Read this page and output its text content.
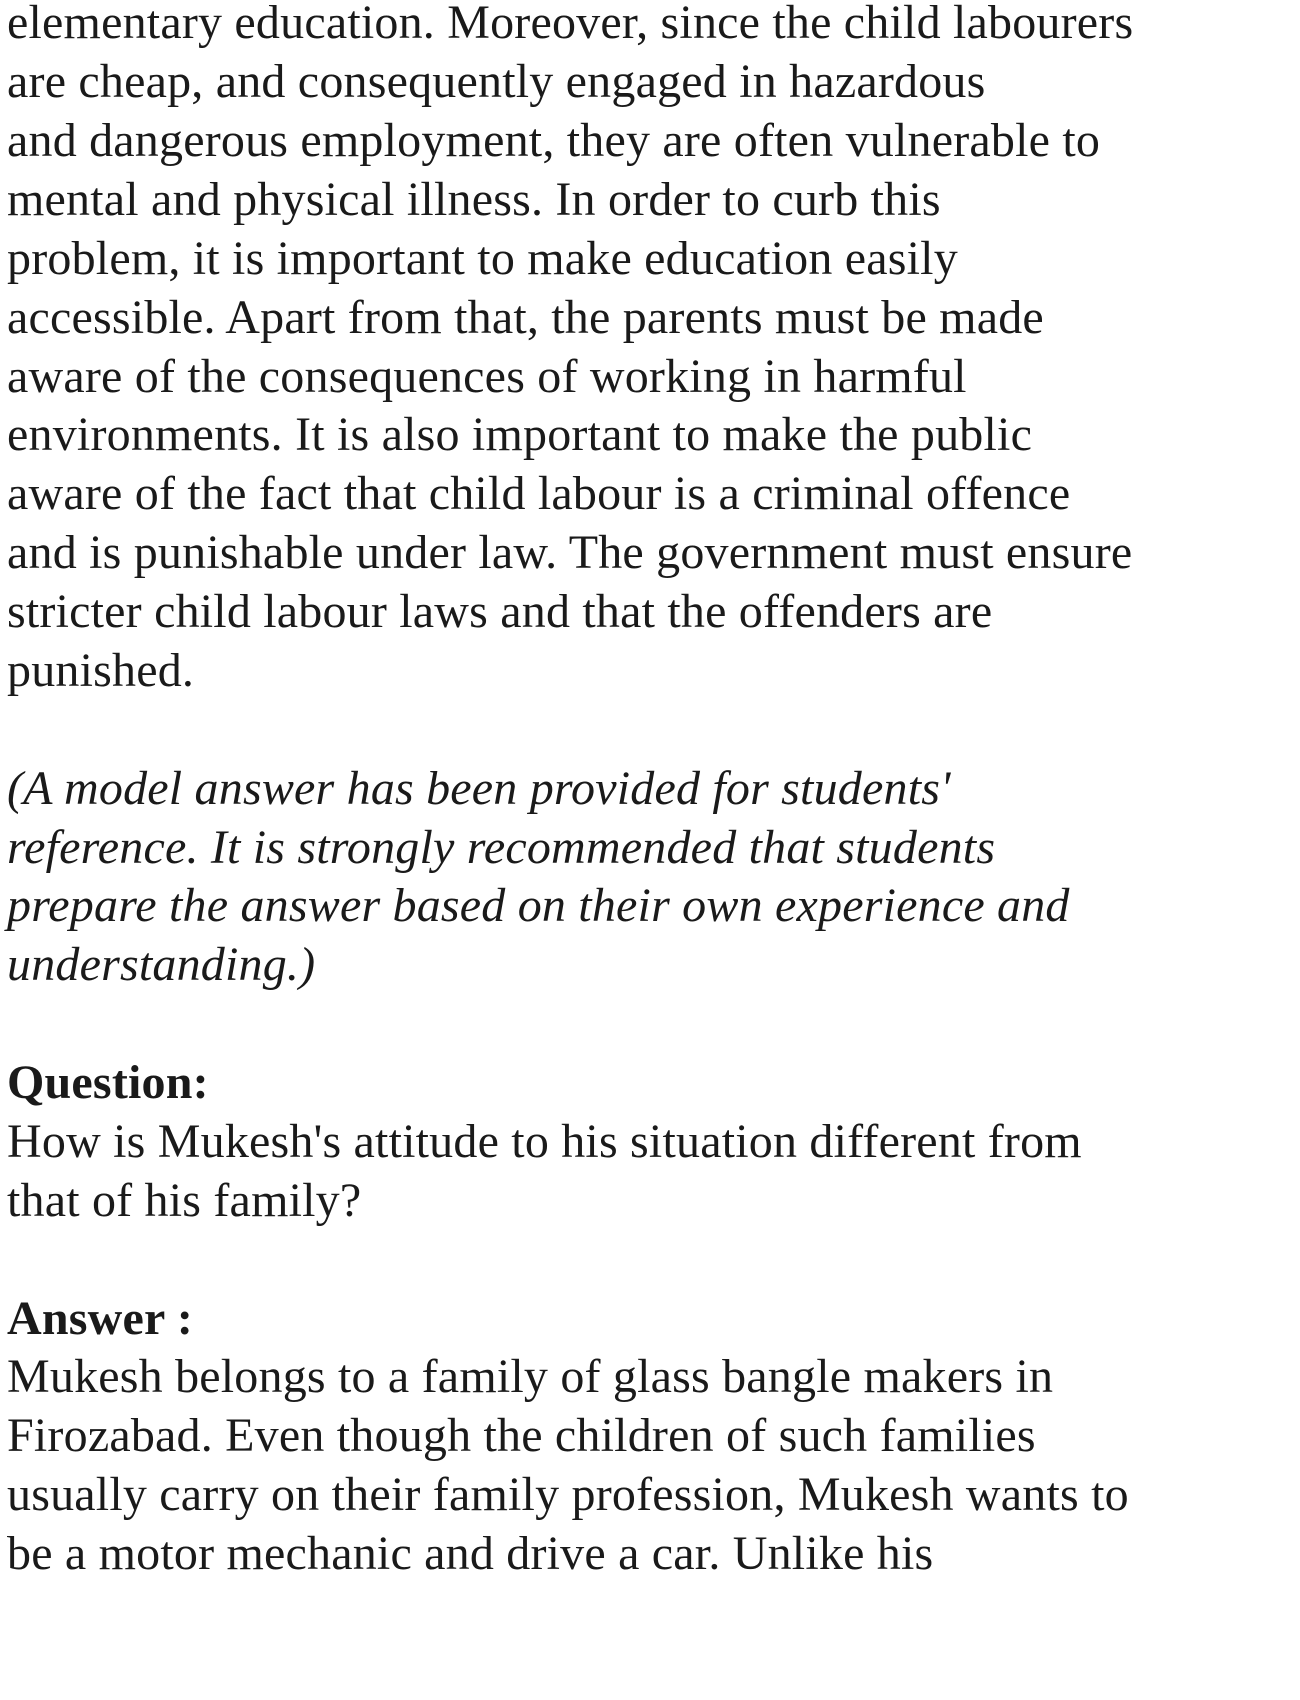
elementary education. Moreover, since the child labourers
are cheap, and consequently engaged in hazardous
and dangerous employment, they are often vulnerable to
mental and physical illness. In order to curb this
problem, it is important to make education easily
accessible. Apart from that, the parents must be made
aware of the consequences of working in harmful
environments. It is also important to make the public
aware of the fact that child labour is a criminal offence
and is punishable under law. The government must ensure
stricter child labour laws and that the offenders are
punished.
(A model answer has been provided for students'
reference. It is strongly recommended that students
prepare the answer based on their own experience and
understanding.)
Question:
How is Mukesh's attitude to his situation different from
that of his family?
Answer :
Mukesh belongs to a family of glass bangle makers in
Firozabad. Even though the children of such families
usually carry on their family profession, Mukesh wants to
be a motor mechanic and drive a car. Unlike his
